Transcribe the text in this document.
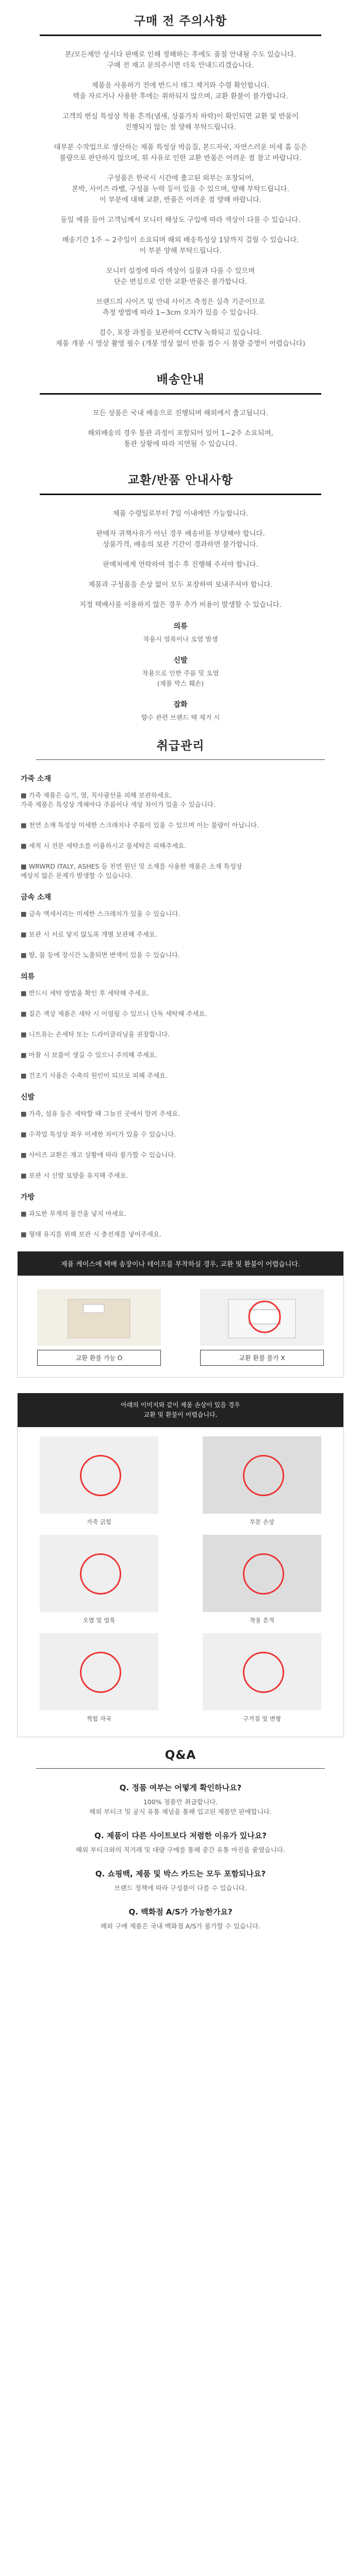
구매 전 주의사항

본/모든제안 상시다 판매로 인해 정해하는 후에도 품절 안내될 수도 있습니다.
구매 전 재고 문의주시면 더욱 안내드리겠습니다.

제품을 사용하기 전에 반드시 태그 제거와 수령 확인합니다.
택을 자르거나 사용한 후에는 취하되지 않으며, 교환 환불이 불가합니다.

고객의 변심 특성상 착용 흔적(냄새, 상품가치 하락)이 확인되면 교환 및 반품이
진행되지 않는 점 양해 부탁드립니다.

대부분 수작업으로 생산하는 제품 특성상 박음질, 본드자국, 자연스러운 미세 흠 등은
불량으로 판단하지 않으며, 위 사유로 인한 교환 반품은 어려운 점 참고 바랍니다.

구성품은 한국시 시간에 출고된 외부는 포장되어,
본박, 사이즈 라벨, 구성품 누락 등이 있을 수 있으며, 양해 부탁드립니다.
이 부분에 대해 교환, 반품은 어려운 점 양해 바랍니다.

동일 예를 들어 고객님께서 모니터 해상도 구입에 따라 색상이 다를 수 있습니다.

배송기간 1주 ~ 2주일이 소요되며 해외 배송특성상 1달까지 걸릴 수 있습니다.
이 부분 양해 부탁드립니다.

모니터 설정에 따라 색상이 실물과 다를 수 있으며
단순 변심으로 인한 교환·반품은 불가합니다.

브랜드의 사이즈 및 안내 사이즈 측정은 실측 기준이므로
측정 방법에 따라 1~3cm 오차가 있을 수 있습니다.

검수, 포장 과정을 보관하여 CCTV 녹화되고 있습니다.
제품 개봉 시 영상 촬영 필수 (개봉 영상 없이 반품 접수 시 불량 증명이 어렵습니다)

배송안내

모든 상품은 국내 배송으로 진행되며 해외에서 출고됩니다.

해외배송의 경우 통관 과정이 포함되어 있어 1~2주 소요되며,
통관 상황에 따라 지연될 수 있습니다.

교환/반품 안내사항

제품 수령일로부터 7일 이내에만 가능합니다.

판매자 귀책사유가 아닌 경우 배송비를 부담해야 합니다.
상품가격, 배송의 보관 기간이 경과하면 불가합니다.

판매처에게 연락하여 접수 후 진행해 주셔야 합니다.

제품과 구성품을 손상 없이 모두 포장하여 보내주셔야 합니다.

지정 택배사를 이용하지 않은 경우 추가 비용이 발생할 수 있습니다.

의류
착용시 얼룩이나 오염 발생
신발
착용으로 인한 주름 및 오염
(제품 박스 훼손)
잡화
향수 관련 브랜드 택 제거 시
취급관리
가죽 소재

■ 가죽 제품은 습기, 열, 직사광선을 피해 보관하세요.
가죽 제품은 특성상 개체마다 주름이나 색상 차이가 있을 수 있습니다.

■ 천연 소재 특성상 미세한 스크래치나 주름이 있을 수 있으며 이는 불량이 아닙니다.

■ 세척 시 전문 세탁소를 이용하시고 물세탁은 피해주세요.

■ WRWRD ITALY, ASHES 등 천연 원단 및 소재를 사용한 제품은 소재 특성상
예상치 않은 문제가 발생할 수 있습니다.

금속 소재

■ 금속 액세서리는 미세한 스크래치가 있을 수 있습니다.

■ 보관 시 서로 닿지 않도록 개별 보관해 주세요.

■ 땀, 물 등에 장시간 노출되면 변색이 있을 수 있습니다.

의류

■ 반드시 세탁 방법을 확인 후 세탁해 주세요.

■ 짙은 색상 제품은 세탁 시 이염될 수 있으니 단독 세탁해 주세요.

■ 니트류는 손세탁 또는 드라이클리닝을 권장합니다.

■ 마찰 시 보풀이 생길 수 있으니 주의해 주세요.

■ 건조기 사용은 수축의 원인이 되므로 피해 주세요.

신발

■ 가죽, 섬유 등은 세탁할 때 그늘진 곳에서 말려 주세요.

■ 수작업 특성상 좌우 미세한 차이가 있을 수 있습니다.

■ 사이즈 교환은 재고 상황에 따라 불가할 수 있습니다.

■ 보관 시 신발 모양을 유지해 주세요.

가방

■ 과도한 무게의 물건을 넣지 마세요.

■ 형태 유지를 위해 보관 시 충전재를 넣어주세요.

제품 케이스에 택배 송장이나 테이프를 부착하실 경우, 교환 및 환불이 어렵습니다.
교환 환불 가능 O	교환 환불 불가 X
아래의 이미지와 같이 제품 손상이 있을 경우
교환 및 환불이 어렵습니다.
가죽 긁힘	부분 손상
오염 및 얼룩	착용 흔적
찍힘 자국	구겨짐 및 변형
Q&A
Q. 정품 여부는 어떻게 확인하나요?

100% 정품만 취급합니다.
해외 부티크 및 공식 유통 채널을 통해 입고된 제품만 판매합니다.

Q. 제품이 다른 사이트보다 저렴한 이유가 있나요?

해외 부티크와의 직거래 및 대량 구매를 통해 중간 유통 마진을 줄였습니다.

Q. 쇼핑백, 제품 및 박스 카드는 모두 포함되나요?

브랜드 정책에 따라 구성품이 다를 수 있습니다.

Q. 백화점 A/S가 가능한가요?

해외 구매 제품은 국내 백화점 A/S가 불가할 수 있습니다.
